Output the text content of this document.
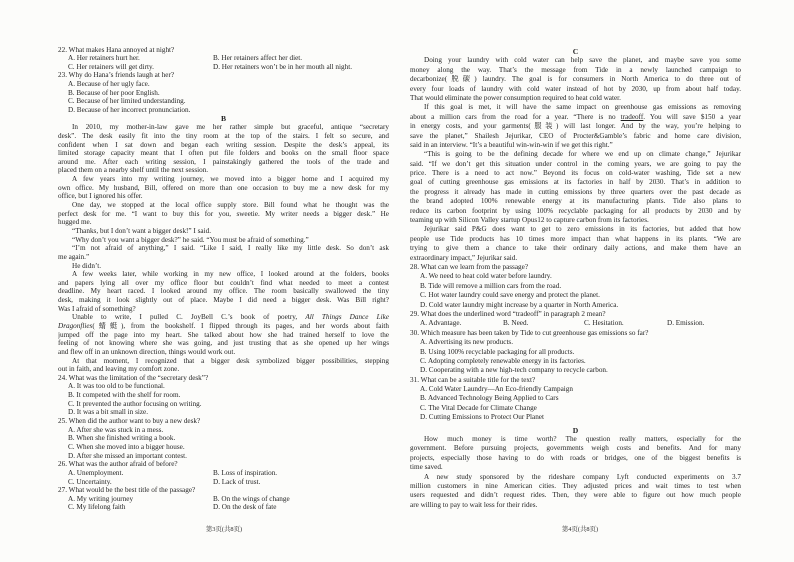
22. What makes Hana annoyed at night?
A. Her retainers hurt her.	B. Her retainers affect her diet.
C. Her retainers will get dirty.	D. Her retainers won’t be in her mouth all night.
23. Why do Hana’s friends laugh at her?
A. Because of her ugly face.
B. Because of her poor English.
C. Because of her limited understanding.
D. Because of her incorrect pronunciation.
B
In 2010, my mother-in-law gave me her rather simple but graceful, antique “secretary
desk”. The desk easily fit into the tiny room at the top of the stairs. I felt so secure, and
confident when I sat down and began each writing session. Despite the desk’s appeal, its
limited storage capacity meant that I often put file folders and books on the small floor space
around me. After each writing session, I painstakingly gathered the tools of the trade and
placed them on a nearby shelf until the next session.
A few years into my writing journey, we moved into a bigger home and I acquired my
own office. My husband, Bill, offered on more than one occasion to buy me a new desk for my
office, but I ignored his offer.
One day, we stopped at the local office supply store. Bill found what he thought was the
perfect desk for me. “I want to buy this for you, sweetie. My writer needs a bigger desk.” He
hugged me.
“Thanks, but I don’t want a bigger desk!” I said.
“Why don’t you want a bigger desk?” he said. “You must be afraid of something.”
“I’m not afraid of anything,” I said. “Like I said, I really like my little desk. So don’t ask
me again.”
He didn’t.
A few weeks later, while working in my new office, I looked around at the folders, books
and papers lying all over my office floor but couldn’t find what needed to meet a contest
deadline. My heart raced. I looked around my office. The room basically swallowed the tiny
desk, making it look slightly out of place. Maybe I did need a bigger desk. Was Bill right?
Was I afraid of something?
Unable to write, I pulled C. JoyBell C.’s book of poetry, All Things Dance Like
Dragonflies(蜻蜓), from the bookshelf. I flipped through its pages, and her words about faith
jumped off the page into my heart. She talked about how she had trained herself to love the
feeling of not knowing where she was going, and just trusting that as she opened up her wings
and flew off in an unknown direction, things would work out.
At that moment, I recognized that a bigger desk symbolized bigger possibilities, stepping
out in faith, and leaving my comfort zone.
24. What was the limitation of the “secretary desk”?
A. It was too old to be functional.
B. It competed with the shelf for room.
C. It prevented the author focusing on writing.
D. It was a bit small in size.
25. When did the author want to buy a new desk?
A. After she was stuck in a mess.
B. When she finished writing a book.
C. When she moved into a bigger house.
D. After she missed an important contest.
26. What was the author afraid of before?
A. Unemployment.	B. Loss of inspiration.
C. Uncertainty.	D. Lack of trust.
27. What would be the best title of the passage?
A. My writing journey	B. On the wings of change
C. My lifelong faith	D. On the desk of fate
C
Doing your laundry with cold water can help save the planet, and maybe save you some
money along the way. That’s the message from Tide in a newly launched campaign to
decarbonize(脱碳) laundry. The goal is for consumers in North America to do three out of
every four loads of laundry with cold water instead of hot by 2030, up from about half today.
That would eliminate the power consumption required to heat cold water.
If this goal is met, it will have the same impact on greenhouse gas emissions as removing
about a million cars from the road for a year. “There is no tradeoff. You will save $150 a year
in energy costs, and your garments(服装) will last longer. And by the way, you’re helping to
save the planet,” Shailesh Jejurikar, CEO of Procter&Gamble’s fabric and home care division,
said in an interview. “It’s a beautiful win-win-win if we get this right.”
“This is going to be the defining decade for where we end up on climate change,” Jejurikar
said. “If we don’t get this situation under control in the coming years, we are going to pay the
price. There is a need to act now.” Beyond its focus on cold-water washing, Tide set a new
goal of cutting greenhouse gas emissions at its factories in half by 2030. That’s in addition to
the progress it already has made in cutting emissions by three quarters over the past decade as
the brand adopted 100% renewable energy at its manufacturing plants. Tide also plans to
reduce its carbon footprint by using 100% recyclable packaging for all products by 2030 and by
teaming up with Silicon Valley startup Opus12 to capture carbon from its factories.
Jejurikar said P&G does want to get to zero emissions in its factories, but added that how
people use Tide products has 10 times more impact than what happens in its plants. “We are
trying to give them a chance to take their ordinary daily actions, and make them have an
extraordinary impact,” Jejurikar said.
28. What can we learn from the passage?
A. We need to heat cold water before laundry.
B. Tide will remove a million cars from the road.
C. Hot water laundry could save energy and protect the planet.
D. Cold water laundry might increase by a quarter in North America.
29. What does the underlined word “tradeoff” in paragraph 2 mean?
A. Advantage.	B. Need.	C. Hesitation.	D. Emission.
30. Which measure has been taken by Tide to cut greenhouse gas emissions so far?
A. Advertising its new products.
B. Using 100% recyclable packaging for all products.
C. Adopting completely renewable energy in its factories.
D. Cooperating with a new high-tech company to recycle carbon.
31. What can be a suitable title for the text?
A. Cold Water Laundry—An Eco-friendly Campaign
B. Advanced Technology Being Applied to Cars
C. The Vital Decade for Climate Change
D. Cutting Emissions to Protect Our Planet
D
How much money is time worth? The question really matters, especially for the
government. Before pursuing projects, governments weigh costs and benefits. And for many
projects, especially those having to do with roads or bridges, one of the biggest benefits is
time saved.
A new study sponsored by the rideshare company Lyft conducted experiments on 3.7
million customers in nine American cities. They adjusted prices and wait times to test when
users requested and didn’t request rides. Then, they were able to figure out how much people
are willing to pay to wait less for their rides.
第3页(共8页)	第4页(共8页)
